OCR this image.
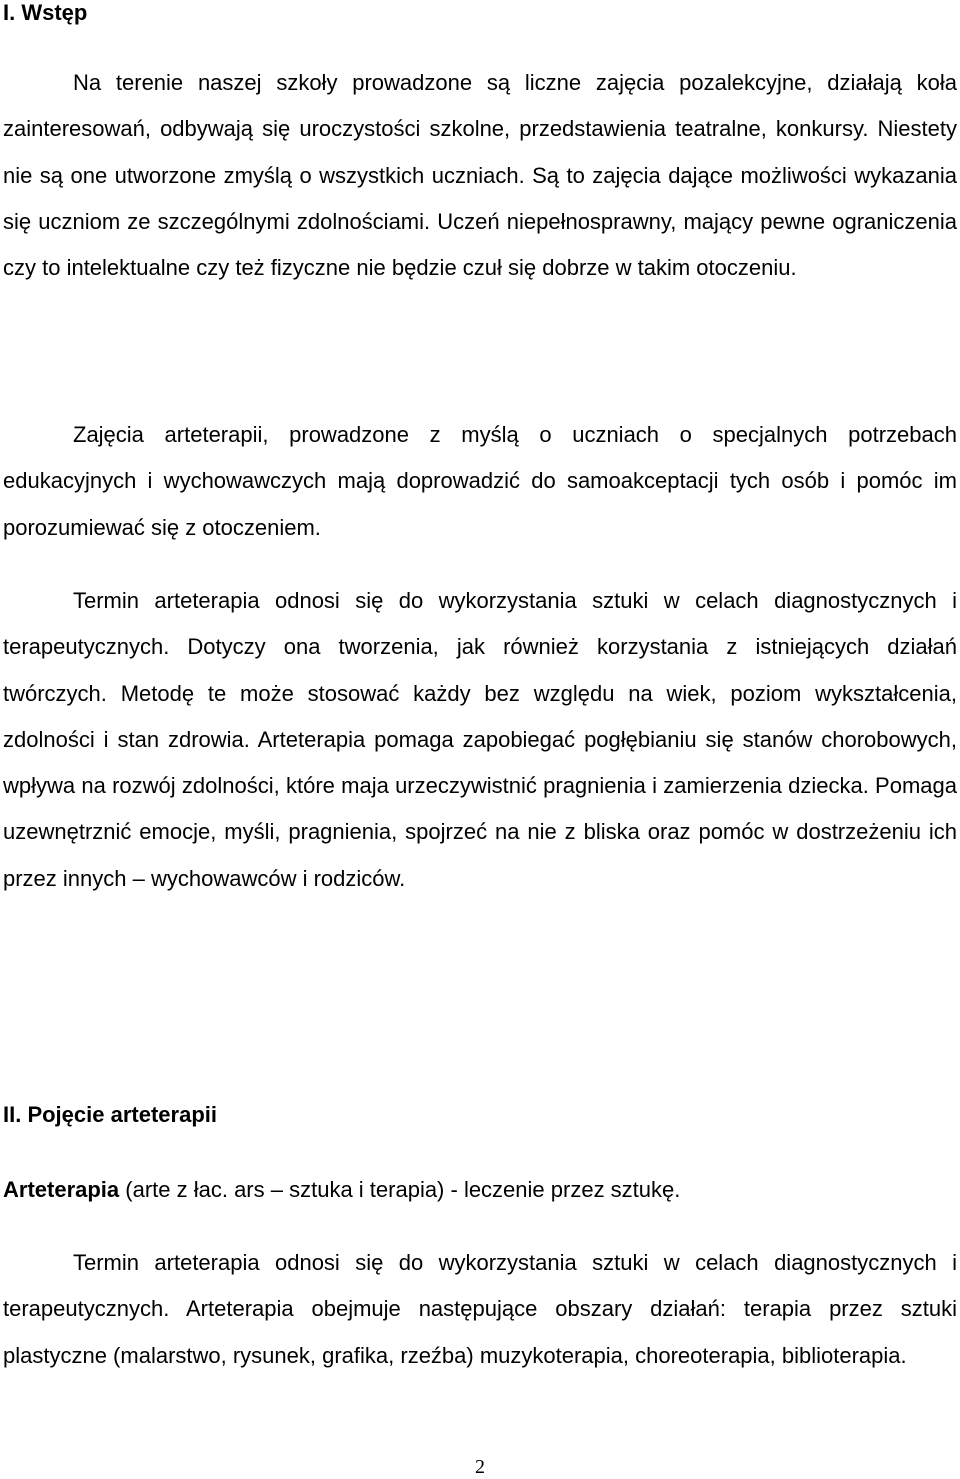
I. Wstęp

Na terenie naszej szkoły prowadzone są liczne zajęcia pozalekcyjne, działają koła zainteresowań, odbywają się uroczystości szkolne, przedstawienia teatralne, konkursy. Niestety nie są one utworzone zmyślą o wszystkich uczniach. Są to zajęcia dające możliwości wykazania się uczniom ze szczególnymi zdolnościami. Uczeń niepełnosprawny, mający pewne ograniczenia czy to intelektualne czy też fizyczne nie będzie czuł się dobrze w takim otoczeniu.

Zajęcia arteterapii, prowadzone z myślą o uczniach o specjalnych potrzebach edukacyjnych i wychowawczych mają doprowadzić do samoakceptacji tych osób i pomóc im porozumiewać się z otoczeniem.

Termin arteterapia odnosi się do wykorzystania sztuki w celach diagnostycznych i terapeutycznych. Dotyczy ona tworzenia, jak również korzystania z istniejących działań twórczych. Metodę te może stosować każdy bez względu na wiek, poziom wykształcenia, zdolności i stan zdrowia. Arteterapia pomaga zapobiegać pogłębianiu się stanów chorobowych, wpływa na rozwój zdolności, które maja urzeczywistnić pragnienia i zamierzenia dziecka. Pomaga uzewnętrznić emocje, myśli, pragnienia, spojrzeć na nie z bliska oraz pomóc w dostrzeżeniu ich przez innych – wychowawców i rodziców.

II. Pojęcie arteterapii

Arteterapia (arte z łac. ars – sztuka i terapia) - leczenie przez sztukę.

Termin arteterapia odnosi się do wykorzystania sztuki w celach diagnostycznych i terapeutycznych. Arteterapia obejmuje następujące obszary działań: terapia przez sztuki plastyczne (malarstwo, rysunek, grafika, rzeźba) muzykoterapia, choreoterapia, biblioterapia.

2
